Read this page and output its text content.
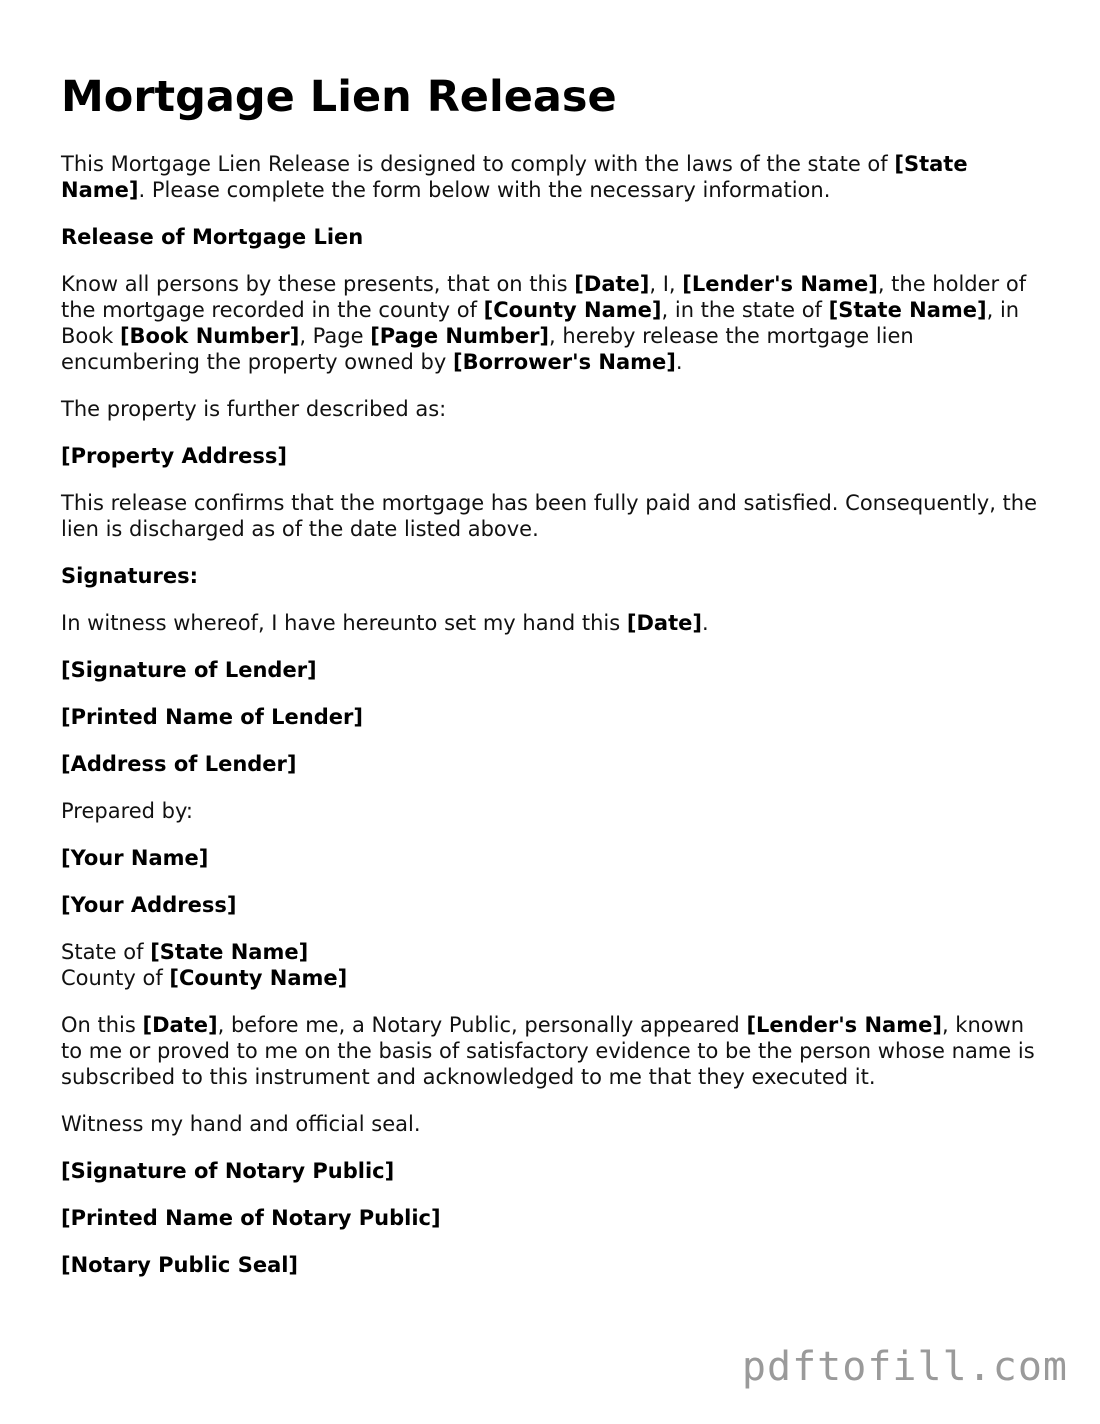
Mortgage Lien Release

This Mortgage Lien Release is designed to comply with the laws of the state of [State Name]. Please complete the form below with the necessary information.

Release of Mortgage Lien

Know all persons by these presents, that on this [Date], I, [Lender's Name], the holder of the mortgage recorded in the county of [County Name], in the state of [State Name], in Book [Book Number], Page [Page Number], hereby release the mortgage lien encumbering the property owned by [Borrower's Name].

The property is further described as:

[Property Address]

This release confirms that the mortgage has been fully paid and satisfied. Consequently, the lien is discharged as of the date listed above.

Signatures:

In witness whereof, I have hereunto set my hand this [Date].

[Signature of Lender]

[Printed Name of Lender]

[Address of Lender]

Prepared by:

[Your Name]

[Your Address]

State of [State Name]
County of [County Name]

On this [Date], before me, a Notary Public, personally appeared [Lender's Name], known to me or proved to me on the basis of satisfactory evidence to be the person whose name is subscribed to this instrument and acknowledged to me that they executed it.

Witness my hand and official seal.

[Signature of Notary Public]

[Printed Name of Notary Public]

[Notary Public Seal]

pdftofill.com
